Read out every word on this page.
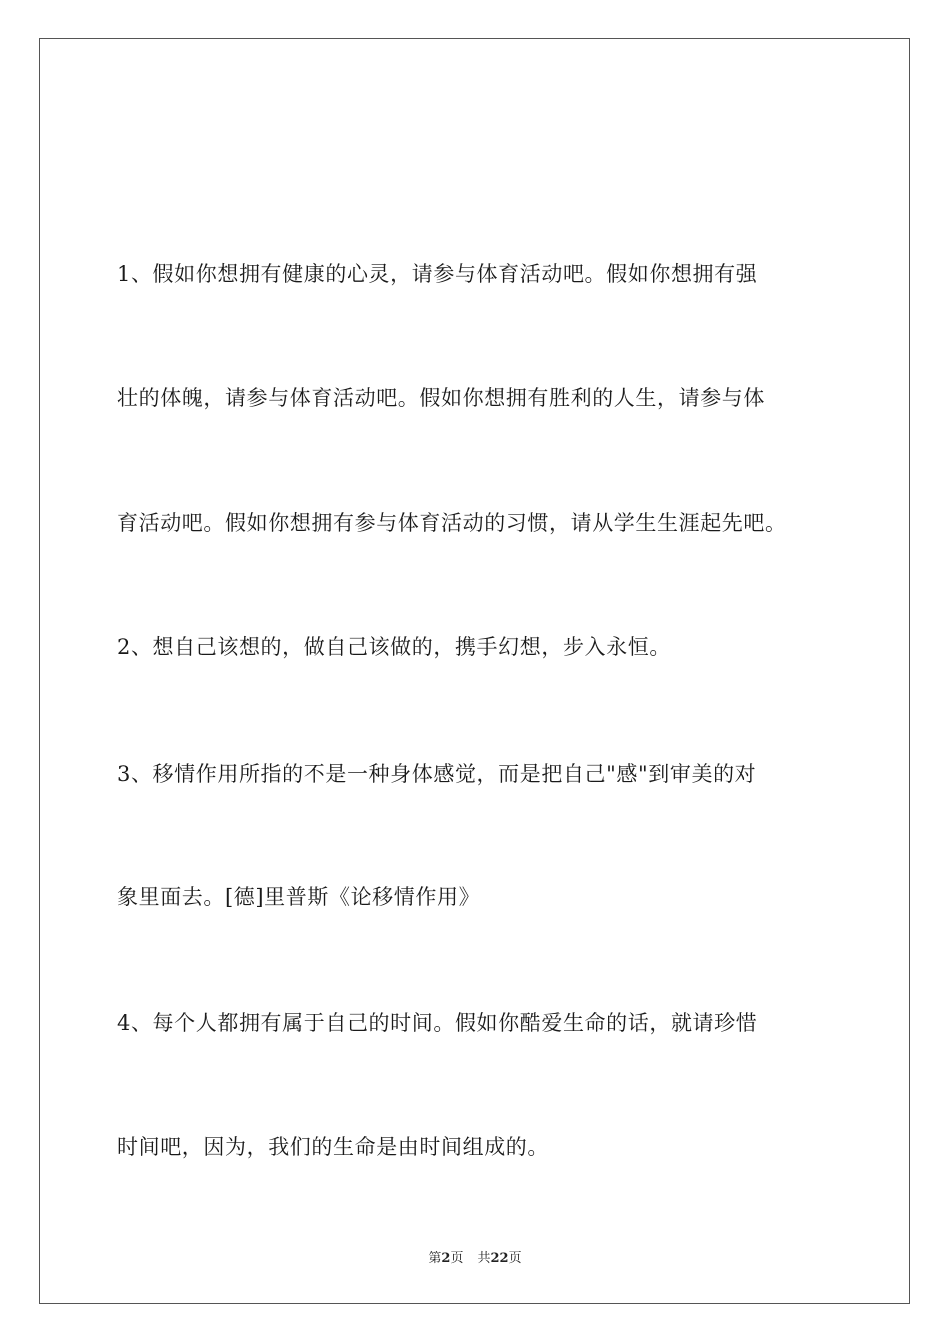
1、假如你想拥有健康的心灵，请参与体育活动吧。假如你想拥有强
壮的体魄，请参与体育活动吧。假如你想拥有胜利的人生，请参与体
育活动吧。假如你想拥有参与体育活动的习惯，请从学生生涯起先吧。
2、想自己该想的，做自己该做的，携手幻想，步入永恒。
3、移情作用所指的不是一种身体感觉，而是把自己"感"到审美的对
象里面去。[德]里普斯《论移情作用》
4、每个人都拥有属于自己的时间。假如你酷爱生命的话，就请珍惜
时间吧，因为，我们的生命是由时间组成的。
第2页 共22页
